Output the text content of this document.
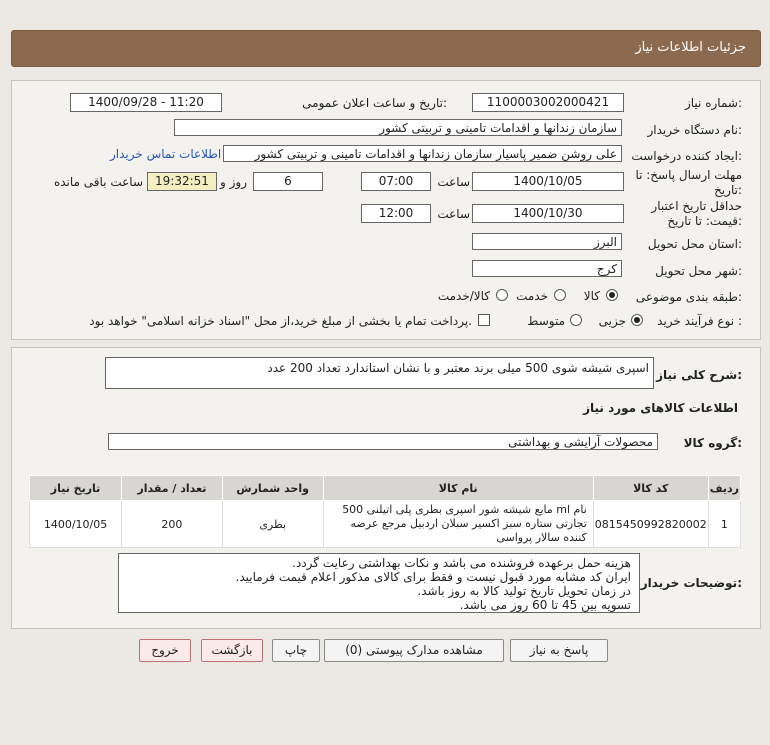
جزئیات اطلاعات نیاز
شماره نیاز:
1100003002000421
تاریخ و ساعت اعلان عمومی:
1400/09/28 - 11:20
نام دستگاه خریدار:
سازمان زندانها و اقدامات تامینی و تربیتی کشور
ایجاد کننده درخواست:
علی روشن ضمیر پاسیار سازمان زندانها و اقدامات تامینی و تربیتی کشور
اطلاعات تماس خریدار
مهلت ارسال پاسخ: تا تاریخ:
1400/10/05
ساعت
07:00
6
روز و
19:32:51
ساعت باقی مانده
حداقل تاریخ اعتبار قیمت: تا تاریخ:
1400/10/30
ساعت
12:00
استان محل تحویل:
البرز
شهر محل تحویل:
کرج
طبقه بندی موضوعی:
کالا
خدمت
کالا/خدمت
نوع فرآیند خرید :
جزیی
متوسط
پرداخت تمام یا بخشی از مبلغ خرید،از محل "اسناد خزانه اسلامی" خواهد بود.
شرح کلی نیاز:
اسپری شیشه شوی 500 میلی برند معتبر و با نشان استاندارد تعداد 200 عدد
اطلاعات کالاهای مورد نیاز
گروه کالا:
محصولات آرایشی و بهداشتی
تاریخ نیاز	تعداد / مقدار	واحد شمارش	نام کالا	کد کالا	ردیف
1400/10/05	200	بطری	مایع شیشه شور اسپری بطری پلی اتیلنی 500 ml نام تجارتی ستاره سبز اکسیر سبلان اردبیل مرجع عرضه کننده سالار پرواسی	0815450992820002	1
توضیحات خریدار:
هزینه حمل برعهده فروشنده می باشد و نکات بهداشتی رعایت گردد.
ایران کد مشابه مورد قبول نیست و فقط برای کالای مذکور اعلام قیمت فرمایید.
در زمان تحویل تاریخ تولید کالا به روز باشد.
تسویه بین 45 تا 60 روز می باشد.
پاسخ به نیاز
مشاهده مدارک پیوستی (0)
چاپ
بازگشت
خروج
